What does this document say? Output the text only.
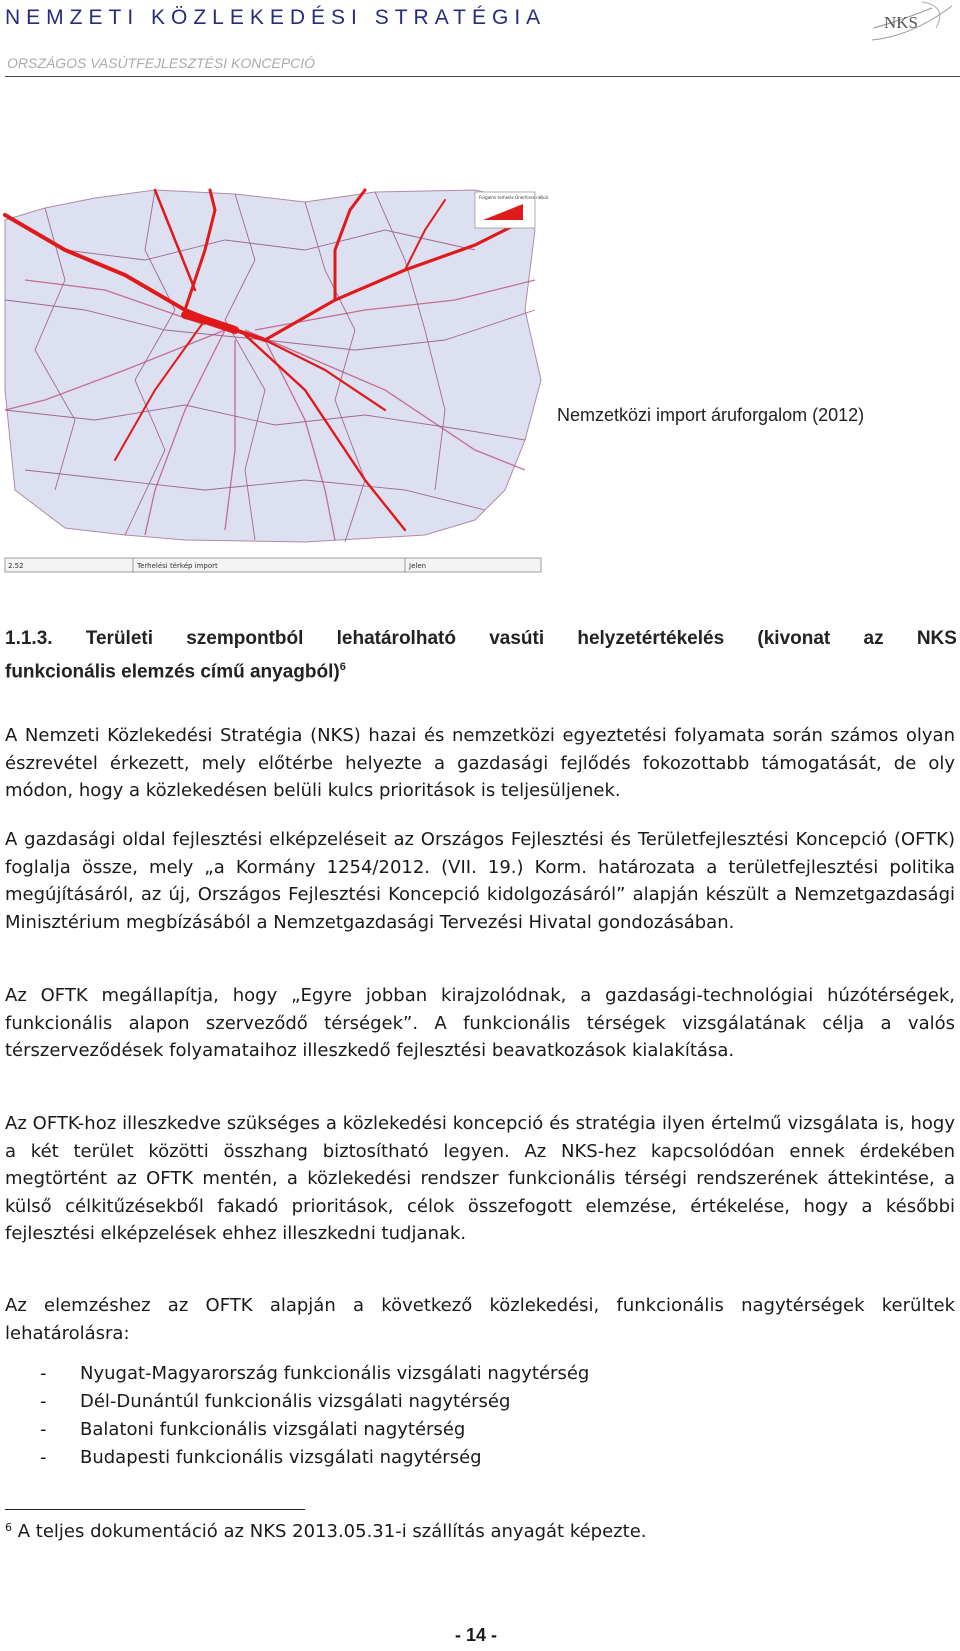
NEMZETI KÖZLEKEDÉSI STRATÉGIA
ORSZÁGOS VASÚTFEJLESZTÉSI KONCEPCIÓ
NKS
Forgalmi terhelés Onerforse nélkül
2.52	Terhelési térkép import	Jelen
Nemzetközi import áruforgalom (2012)
1.1.3. Területi szempontból lehatárolható vasúti helyzetértékelés (kivonat az NKS
funkcionális elemzés című anyagból)$^6$
A Nemzeti Közlekedési Stratégia (NKS) hazai és nemzetközi egyeztetési folyamata során számos olyan észrevétel érkezett, mely előtérbe helyezte a gazdasági fejlődés fokozottabb támogatását, de oly módon, hogy a közlekedésen belüli kulcs prioritások is teljesüljenek.
A gazdasági oldal fejlesztési elképzeléseit az Országos Fejlesztési és Területfejlesztési Koncepció (OFTK) foglalja össze, mely „a Kormány 1254/2012. (VII. 19.) Korm. határozata a területfejlesztési politika megújításáról, az új, Országos Fejlesztési Koncepció kidolgozásáról” alapján készült a Nemzetgazdasági Minisztérium megbízásából a Nemzetgazdasági Tervezési Hivatal gondozásában.
Az OFTK megállapítja, hogy „Egyre jobban kirajzolódnak, a gazdasági-technológiai húzótérségek, funkcionális alapon szerveződő térségek”. A funkcionális térségek vizsgálatának célja a valós térszerveződések folyamataihoz illeszkedő fejlesztési beavatkozások kialakítása.
Az OFTK-hoz illeszkedve szükséges a közlekedési koncepció és stratégia ilyen értelmű vizsgálata is, hogy a két terület közötti összhang biztosítható legyen. Az NKS-hez kapcsolódóan ennek érdekében megtörtént az OFTK mentén, a közlekedési rendszer funkcionális térségi rendszerének áttekintése, a külső célkitűzésekből fakadó prioritások, célok összefogott elemzése, értékelése, hogy a későbbi fejlesztési elképzelések ehhez illeszkedni tudjanak.
Az elemzéshez az OFTK alapján a következő közlekedési, funkcionális nagytérségek kerültek lehatárolásra:
-	Nyugat-Magyarország funkcionális vizsgálati nagytérség
-	Dél-Dunántúl funkcionális vizsgálati nagytérség
-	Balatoni funkcionális vizsgálati nagytérség
-	Budapesti funkcionális vizsgálati nagytérség
$^6$ A teljes dokumentáció az NKS 2013.05.31-i szállítás anyagát képezte.
- 14 -
